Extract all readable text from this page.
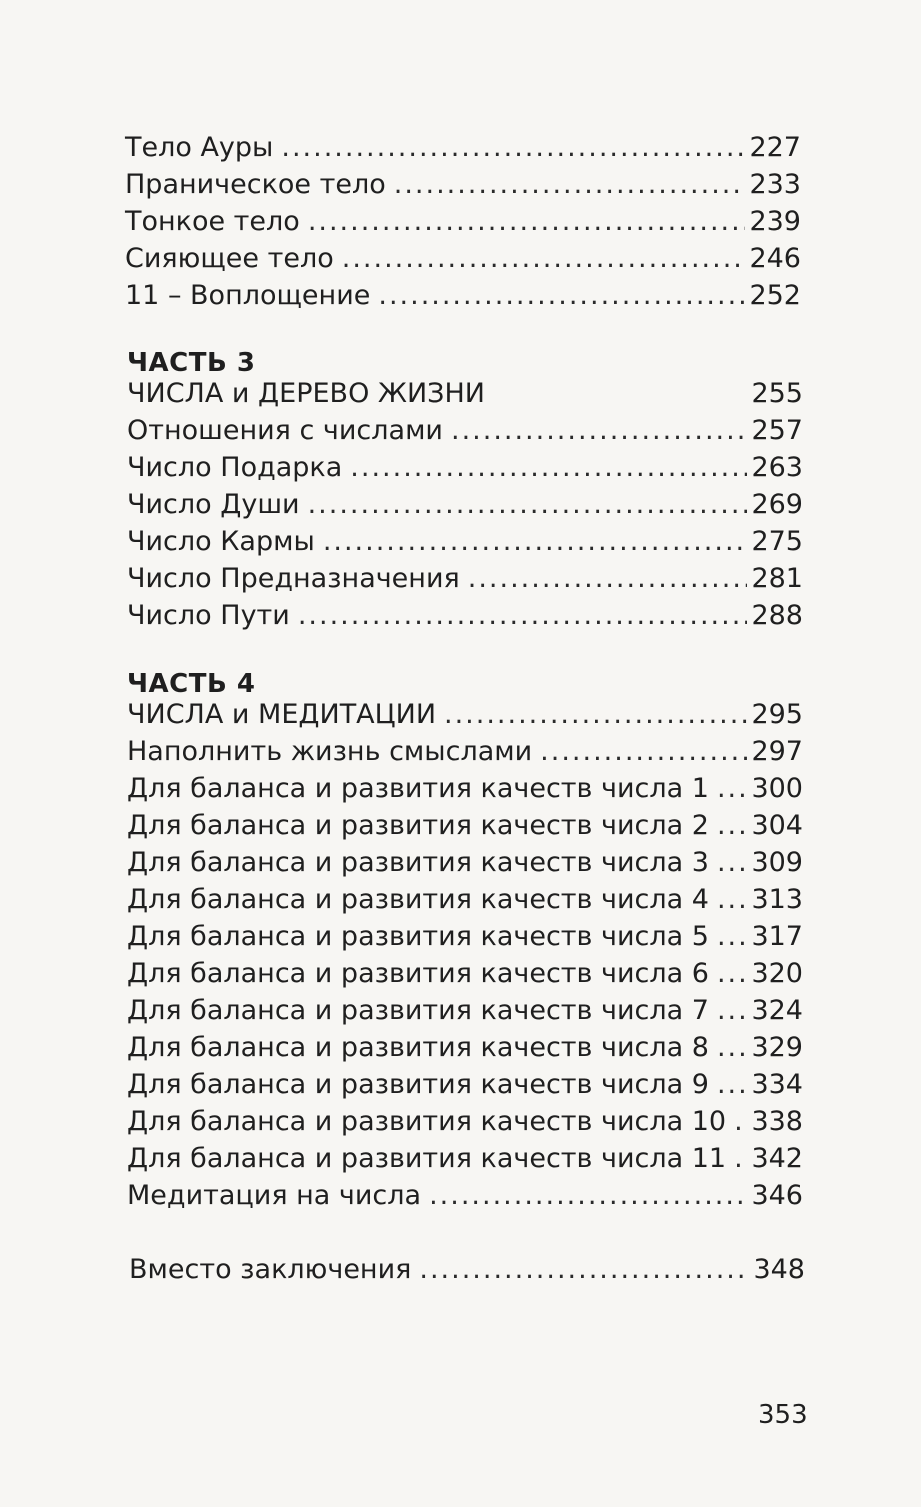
Тело Ауры .....	227
Праническое тело .....	233
Тонкое тело .....	239
Сияющее тело .....	246
11 – Воплощение .....	252
ЧАСТЬ 3
ЧИСЛА и ДЕРЕВО ЖИЗНИ	255
Отношения с числами .....	257
Число Подарка .....	263
Число Души .....	269
Число Кармы .....	275
Число Предназначения .....	281
Число Пути .....	288
ЧАСТЬ 4
ЧИСЛА и МЕДИТАЦИИ .....	295
Наполнить жизнь смыслами .....	297
Для баланса и развития качеств числа 1 ..... 300
Для баланса и развития качеств числа 2 ..... 304
Для баланса и развития качеств числа 3 ..... 309
Для баланса и развития качеств числа 4 ..... 313
Для баланса и развития качеств числа 5 ..... 317
Для баланса и развития качеств числа 6 ..... 320
Для баланса и развития качеств числа 7 ..... 324
Для баланса и развития качеств числа 8 ..... 329
Для баланса и развития качеств числа 9 ..... 334
Для баланса и развития качеств числа 10 ..... 338
Для баланса и развития качеств числа 11 ..... 342
Медитация на числа .....	346
Вместо заключения .....	348
353
